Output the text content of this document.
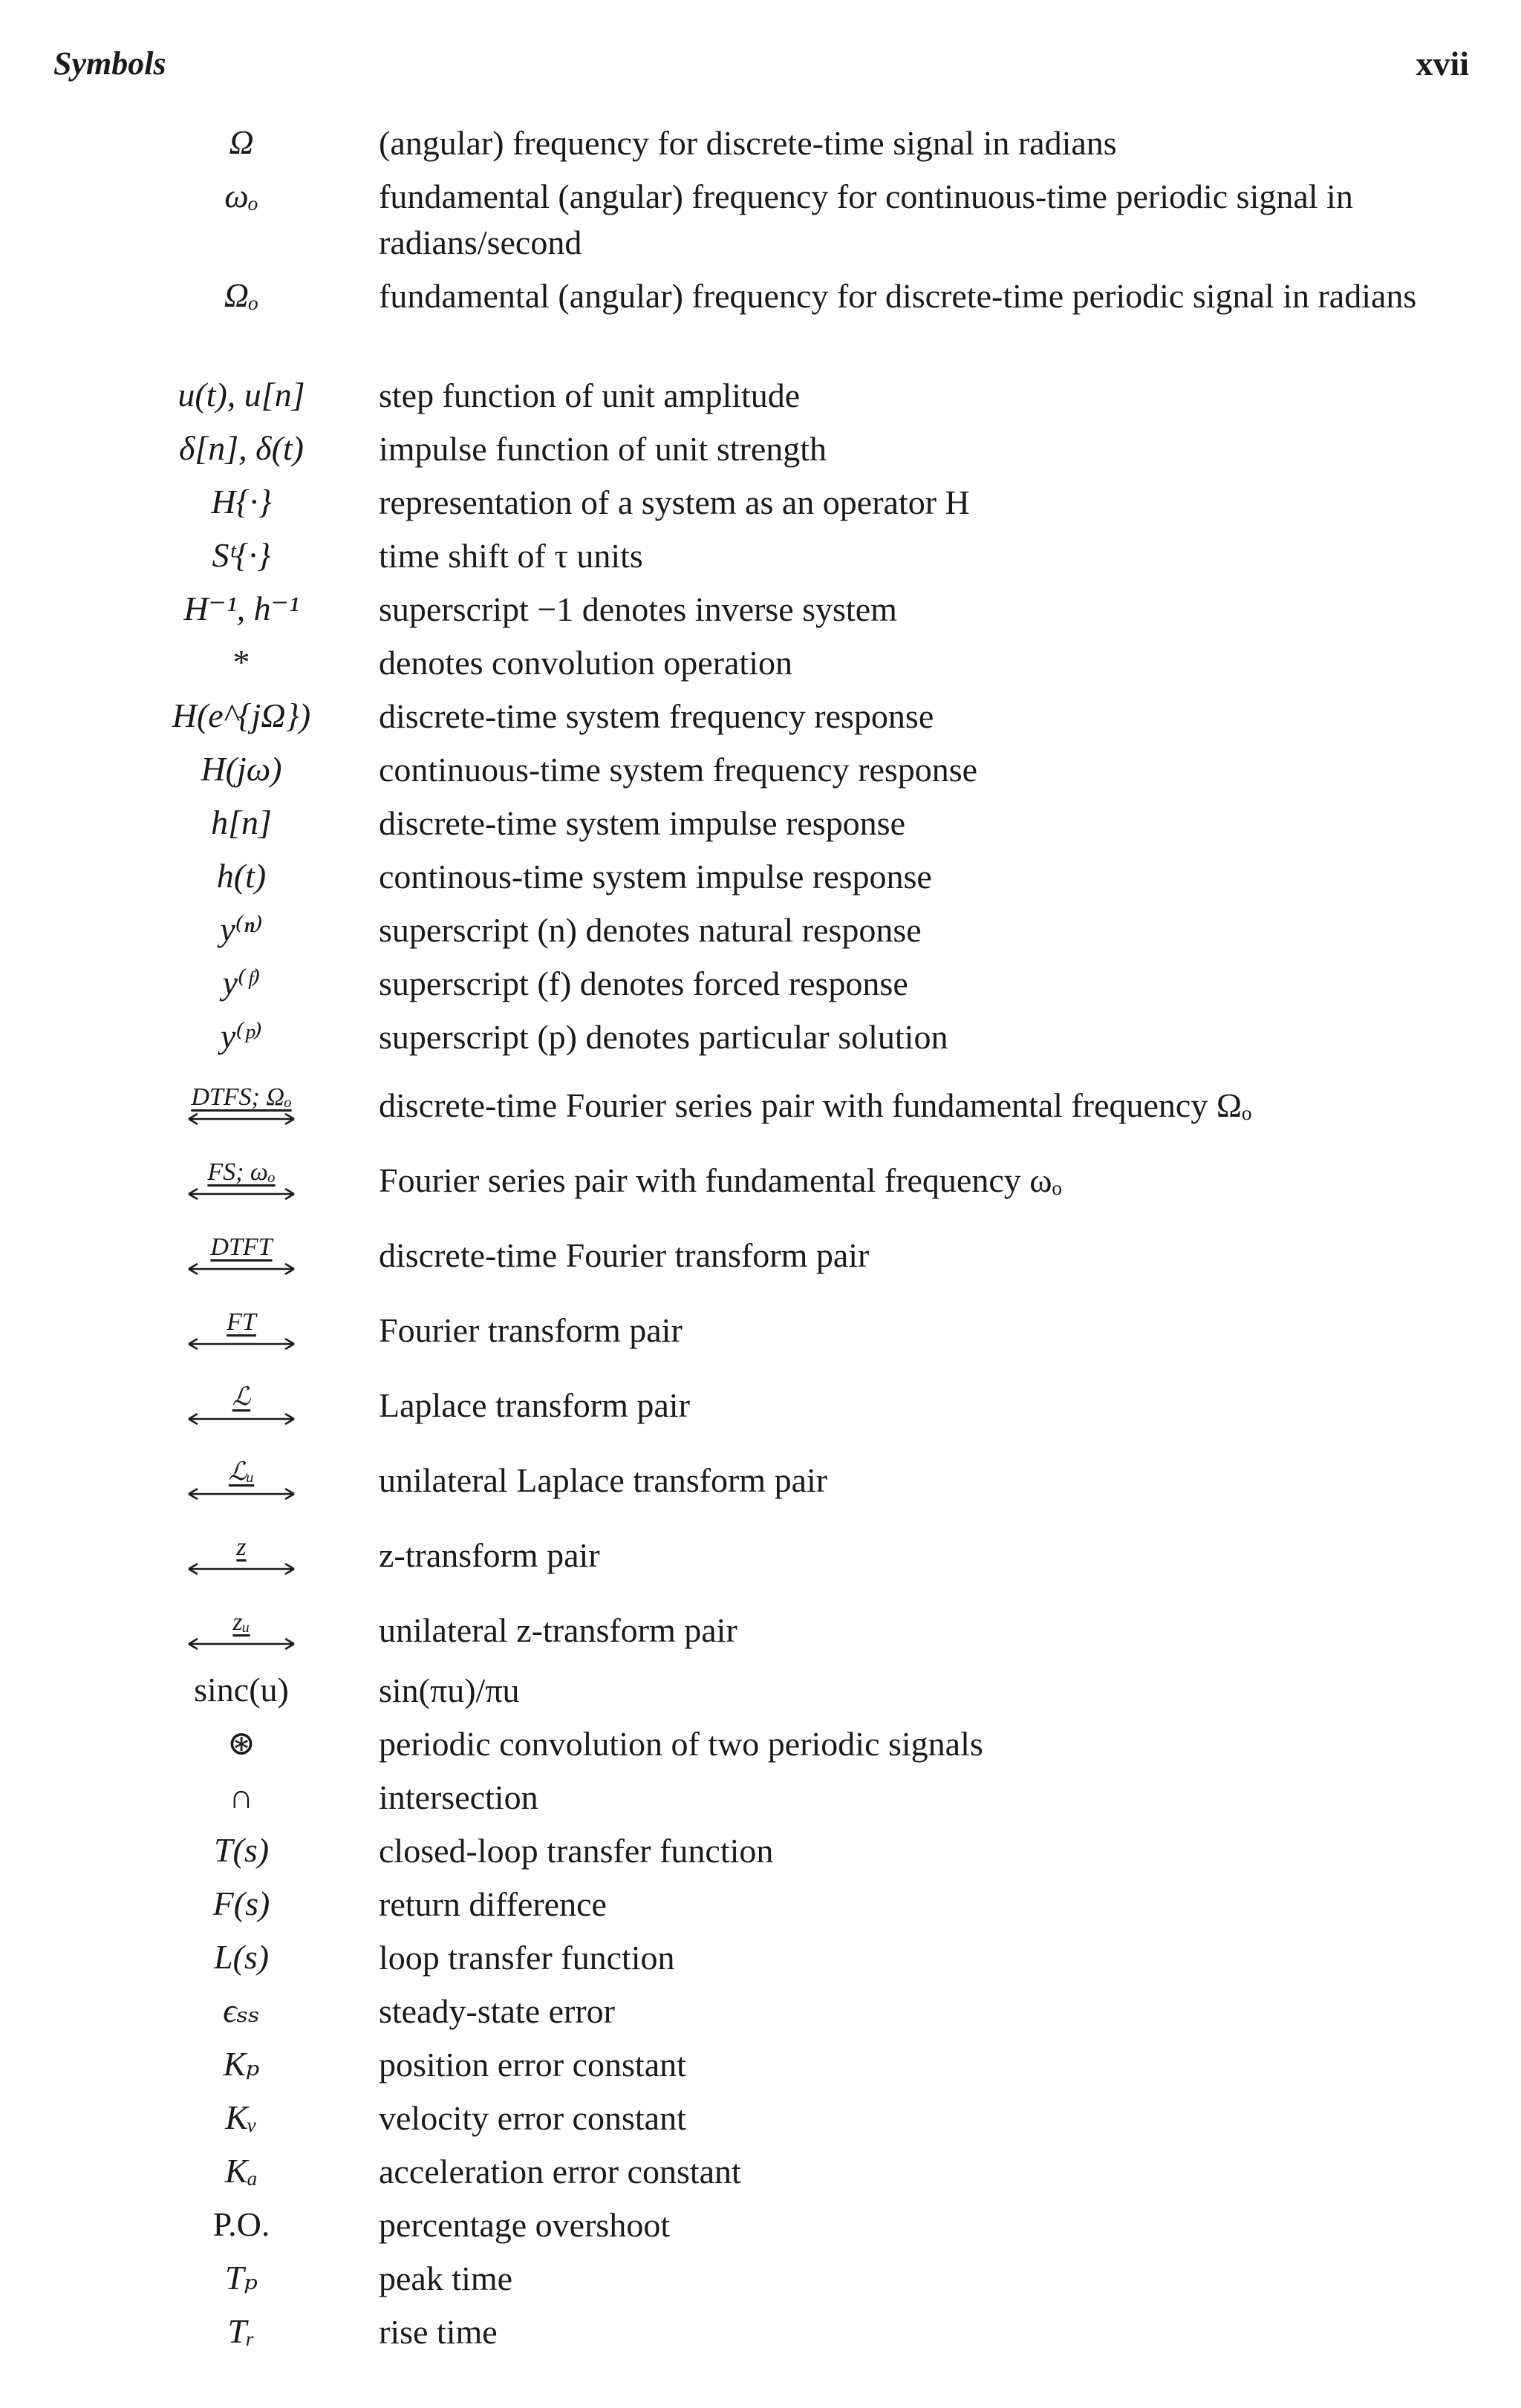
Symbols	xvii
Ω	(angular) frequency for discrete-time signal in radians
ωₒ	fundamental (angular) frequency for continuous-time periodic signal in radians/second
Ωₒ	fundamental (angular) frequency for discrete-time periodic signal in radians
u(t), u[n]	step function of unit amplitude
δ[n], δ(t)	impulse function of unit strength
H{·}	representation of a system as an operator H
Sᵗ{·}	time shift of τ units
H⁻¹, h⁻¹	superscript −1 denotes inverse system
*	denotes convolution operation
H(e^{jΩ})	discrete-time system frequency response
H(jω)	continuous-time system frequency response
h[n]	discrete-time system impulse response
h(t)	continous-time system impulse response
y⁽ⁿ⁾	superscript (n) denotes natural response
y⁽ᶠ⁾	superscript (f) denotes forced response
y⁽ᵖ⁾	superscript (p) denotes particular solution
DTFS; Ωₒ	discrete-time Fourier series pair with fundamental frequency Ωₒ
FS; ωₒ	Fourier series pair with fundamental frequency ωₒ
DTFT	discrete-time Fourier transform pair
FT	Fourier transform pair
ℒ	Laplace transform pair
ℒᵤ	unilateral Laplace transform pair
z	z-transform pair
zᵤ	unilateral z-transform pair
sinc(u)	sin(πu)/πu
⊛	periodic convolution of two periodic signals
∩	intersection
T(s)	closed-loop transfer function
F(s)	return difference
L(s)	loop transfer function
ϵₛₛ	steady-state error
Kₚ	position error constant
Kᵥ	velocity error constant
Kₐ	acceleration error constant
P.O.	percentage overshoot
Tₚ	peak time
Tᵣ	rise time
